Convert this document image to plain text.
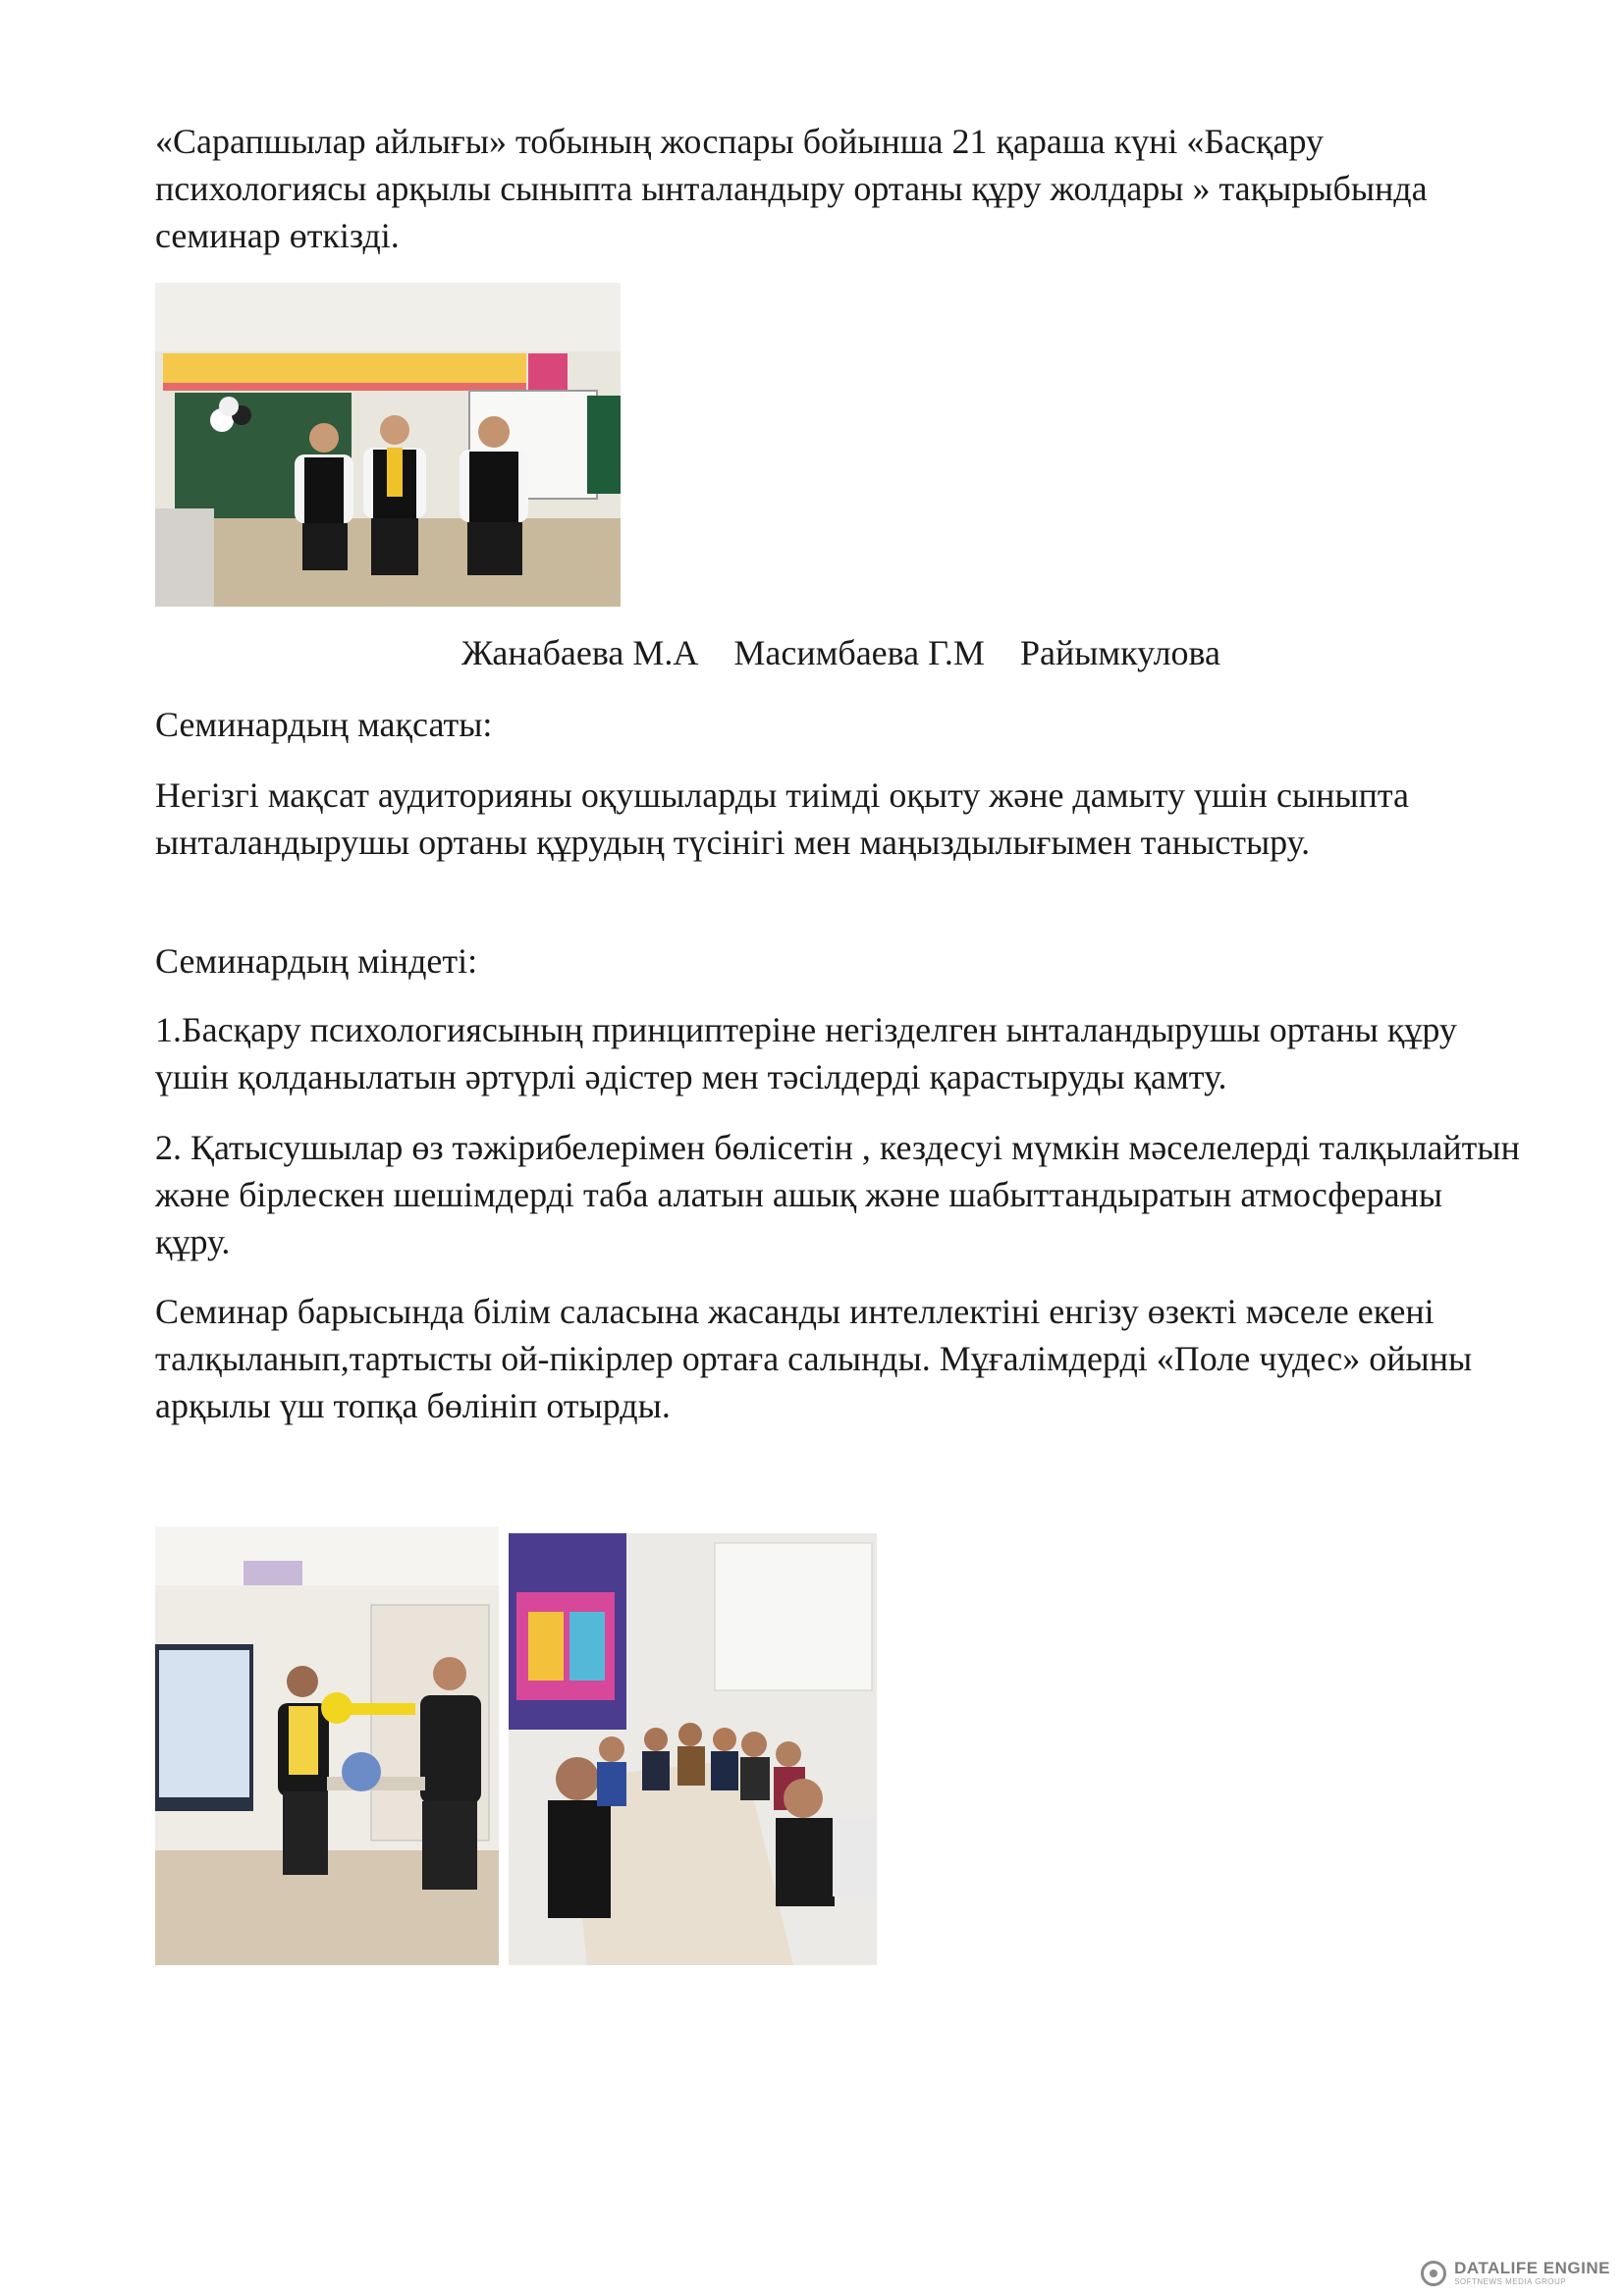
«Сарапшылар айлығы» тобының жоспары бойынша 21 қараша күні «Басқару психологиясы арқылы сыныпта ынталандыру ортаны құру жолдары » тақырыбында семинар өткізді.

Жанабаева М.А Масимбаева Г.М Райымкулова

Семинардың мақсаты:

Негізгі мақсат аудиторияны оқушыларды тиімді оқыту және дамыту үшін сыныпта ынталандырушы ортаны құрудың түсінігі мен маңыздылығымен таныстыру.

Семинардың міндеті:

1.Басқару психологиясының принциптеріне негізделген ынталандырушы ортаны құру үшін қолданылатын әртүрлі әдістер мен тәсілдерді қарастыруды қамту.

2. Қатысушылар өз тәжірибелерімен бөлісетін , кездесуі мүмкін мәселелерді талқылайтын және бірлескен шешімдерді таба алатын ашық және шабыттандыратын атмосфераны құру.

Семинар барысында білім саласына жасанды интеллектіні енгізу өзекті мәселе екені талқыланып,тартысты ой-пікірлер ортаға салынды. Мұғалімдерді «Поле чудес» ойыны арқылы үш топқа бөлініп отырды.

DATALIFE ENGINE
SOFTNEWS MEDIA GROUP
